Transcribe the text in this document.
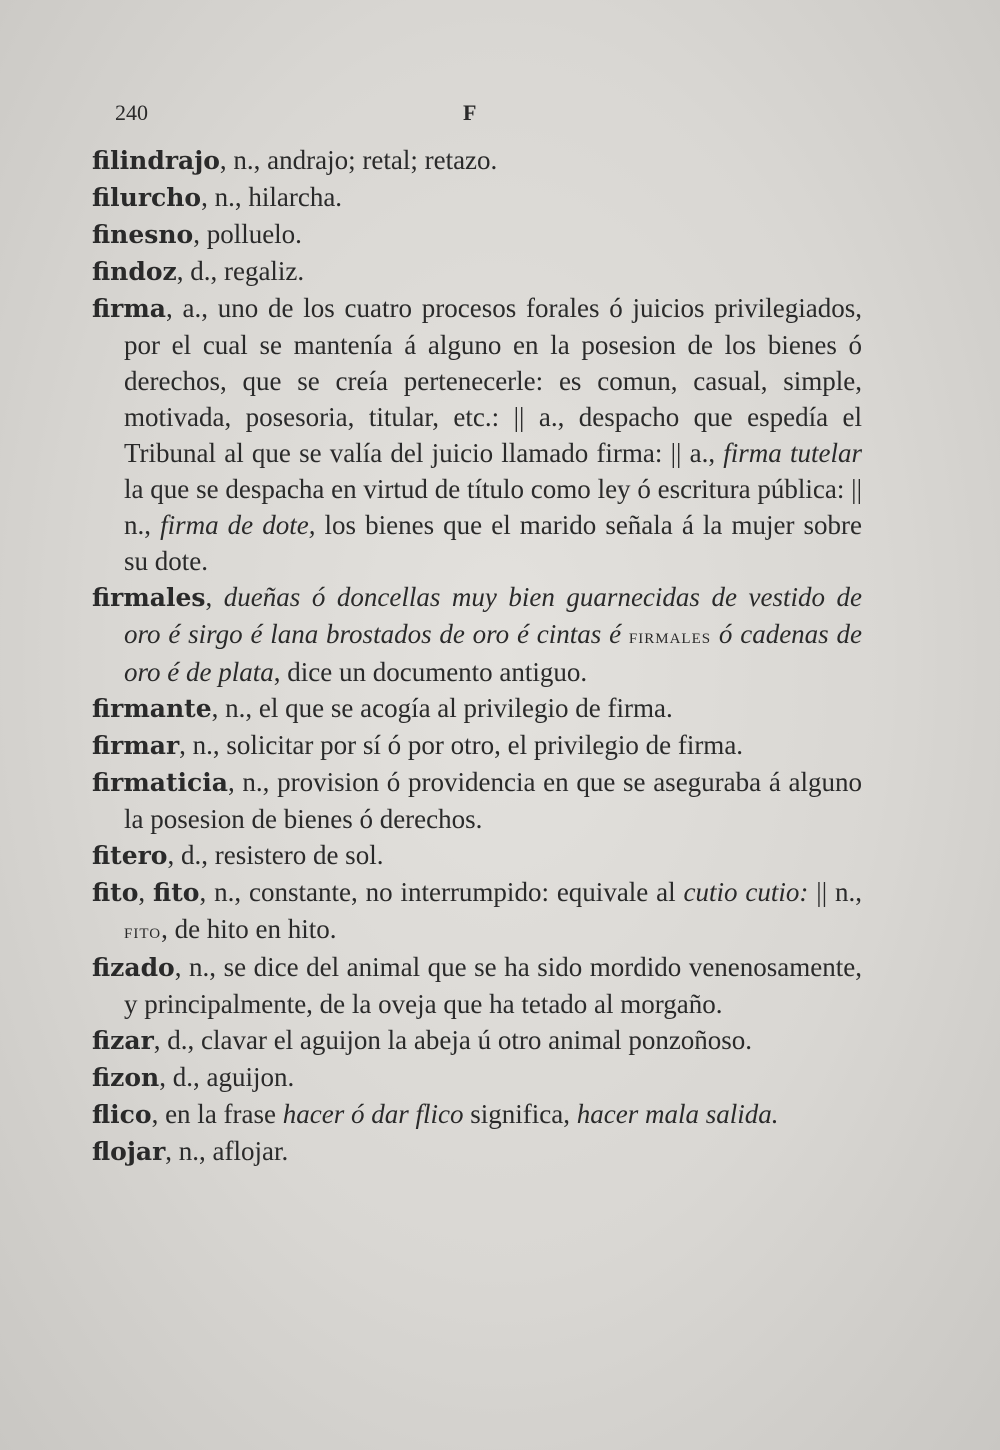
240	F

filindrajo, n., andrajo; retal; retazo.

filurcho, n., hilarcha.

finesno, polluelo.

findoz, d., regaliz.

firma, a., uno de los cuatro procesos forales ó juicios privilegiados, por el cual se mantenía á alguno en la posesion de los bienes ó derechos, que se creía pertenecerle: es comun, casual, simple, motivada, posesoria, titular, etc.: || a., despacho que espedía el Tribunal al que se valía del juicio llamado firma: || a., firma tutelar la que se despacha en virtud de título como ley ó escritura pública: || n., firma de dote, los bienes que el marido señala á la mujer sobre su dote.

firmales, dueñas ó doncellas muy bien guarnecidas de vestido de oro é sirgo é lana brostados de oro é cintas é firmales ó cadenas de oro é de plata, dice un documento antiguo.

firmante, n., el que se acogía al privilegio de firma.

firmar, n., solicitar por sí ó por otro, el privilegio de firma.

firmaticia, n., provision ó providencia en que se aseguraba á alguno la posesion de bienes ó derechos.

fitero, d., resistero de sol.

fito, fito, n., constante, no interrumpido: equivale al cutio cutio: || n., fito, de hito en hito.

fizado, n., se dice del animal que se ha sido mordido venenosamente, y principalmente, de la oveja que ha tetado al morgaño.

fizar, d., clavar el aguijon la abeja ú otro animal ponzoñoso.

fizon, d., aguijon.

flico, en la frase hacer ó dar flico significa, hacer mala salida.

flojar, n., aflojar.
